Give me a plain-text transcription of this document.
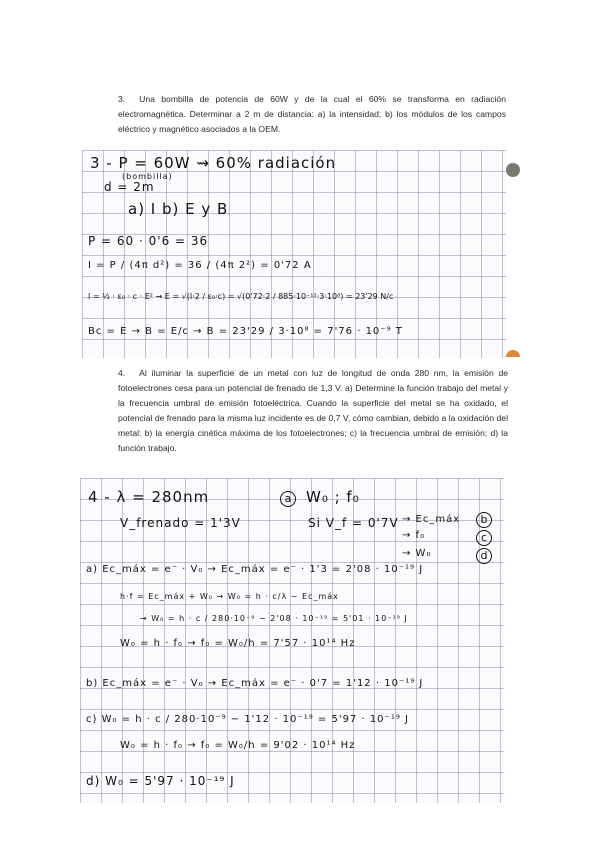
3. Una bombilla de potencia de 60W y de la cual el 60% se transforma en radiación electromagnética. Determinar a 2 m de distancia: a) la intensidad; b) los módulos de los campos eléctrico y magnético asociados a la OEM.
3 - P = 60W ⇝ 60% radiación
(bombilla)
d = 2m
a) I b) E y B
P = 60 · 0'6 = 36
I = P / (4π d²) = 36 / (4π 2²) = 0'72 A
I = ½ · ε₀ · c · E² → E = √(I·2 / ε₀·c) = √(0'72·2 / 885·10⁻¹²·3·10⁸) = 23'29 N/c
Bc = E → B = E/c → B = 23'29 / 3·10⁸ = 7'76 · 10⁻⁹ T
4. Al iluminar la superficie de un metal con luz de longitud de onda 280 nm, la emisión de fotoelectrones cesa para un potencial de frenado de 1,3 V. a) Determine la función trabajo del metal y la frecuencia umbral de emisión fotoeléctrica. Cuando la superficie del metal se ha oxidado, el potencial de frenado para la misma luz incidente es de 0,7 V, cómo cambian, debido a la oxidación del metal: b) la energía cinética máxima de los fotoelectrones; c) la frecuencia umbral de emisión; d) la función trabajo.
4 - λ = 280nm	a W₀ ; f₀
V_frenado = 1'3V	Si V_f = 0'7V → Ec_máx	b
→ f₀	c
→ W₀	d
a) Ec_máx = e⁻ · V₀ → Ec_máx = e⁻ · 1'3 = 2'08 · 10⁻¹⁹ J
h·f = Ec_máx + W₀ → W₀ = h · c/λ − Ec_máx
→ W₀ = h · c / 280·10⁻⁹ − 2'08 · 10⁻¹⁹ = 5'01 · 10⁻¹⁹ J
W₀ = h · f₀ → f₀ = W₀/h = 7'57 · 10¹⁴ Hz
b) Ec_máx = e⁻ · V₀ → Ec_máx = e⁻ · 0'7 = 1'12 · 10⁻¹⁹ J
c) W₀ = h · c / 280·10⁻⁹ − 1'12 · 10⁻¹⁹ = 5'97 · 10⁻¹⁹ J
W₀ = h · f₀ → f₀ = W₀/h = 9'02 · 10¹⁴ Hz
d) W₀ = 5'97 · 10⁻¹⁹ J
